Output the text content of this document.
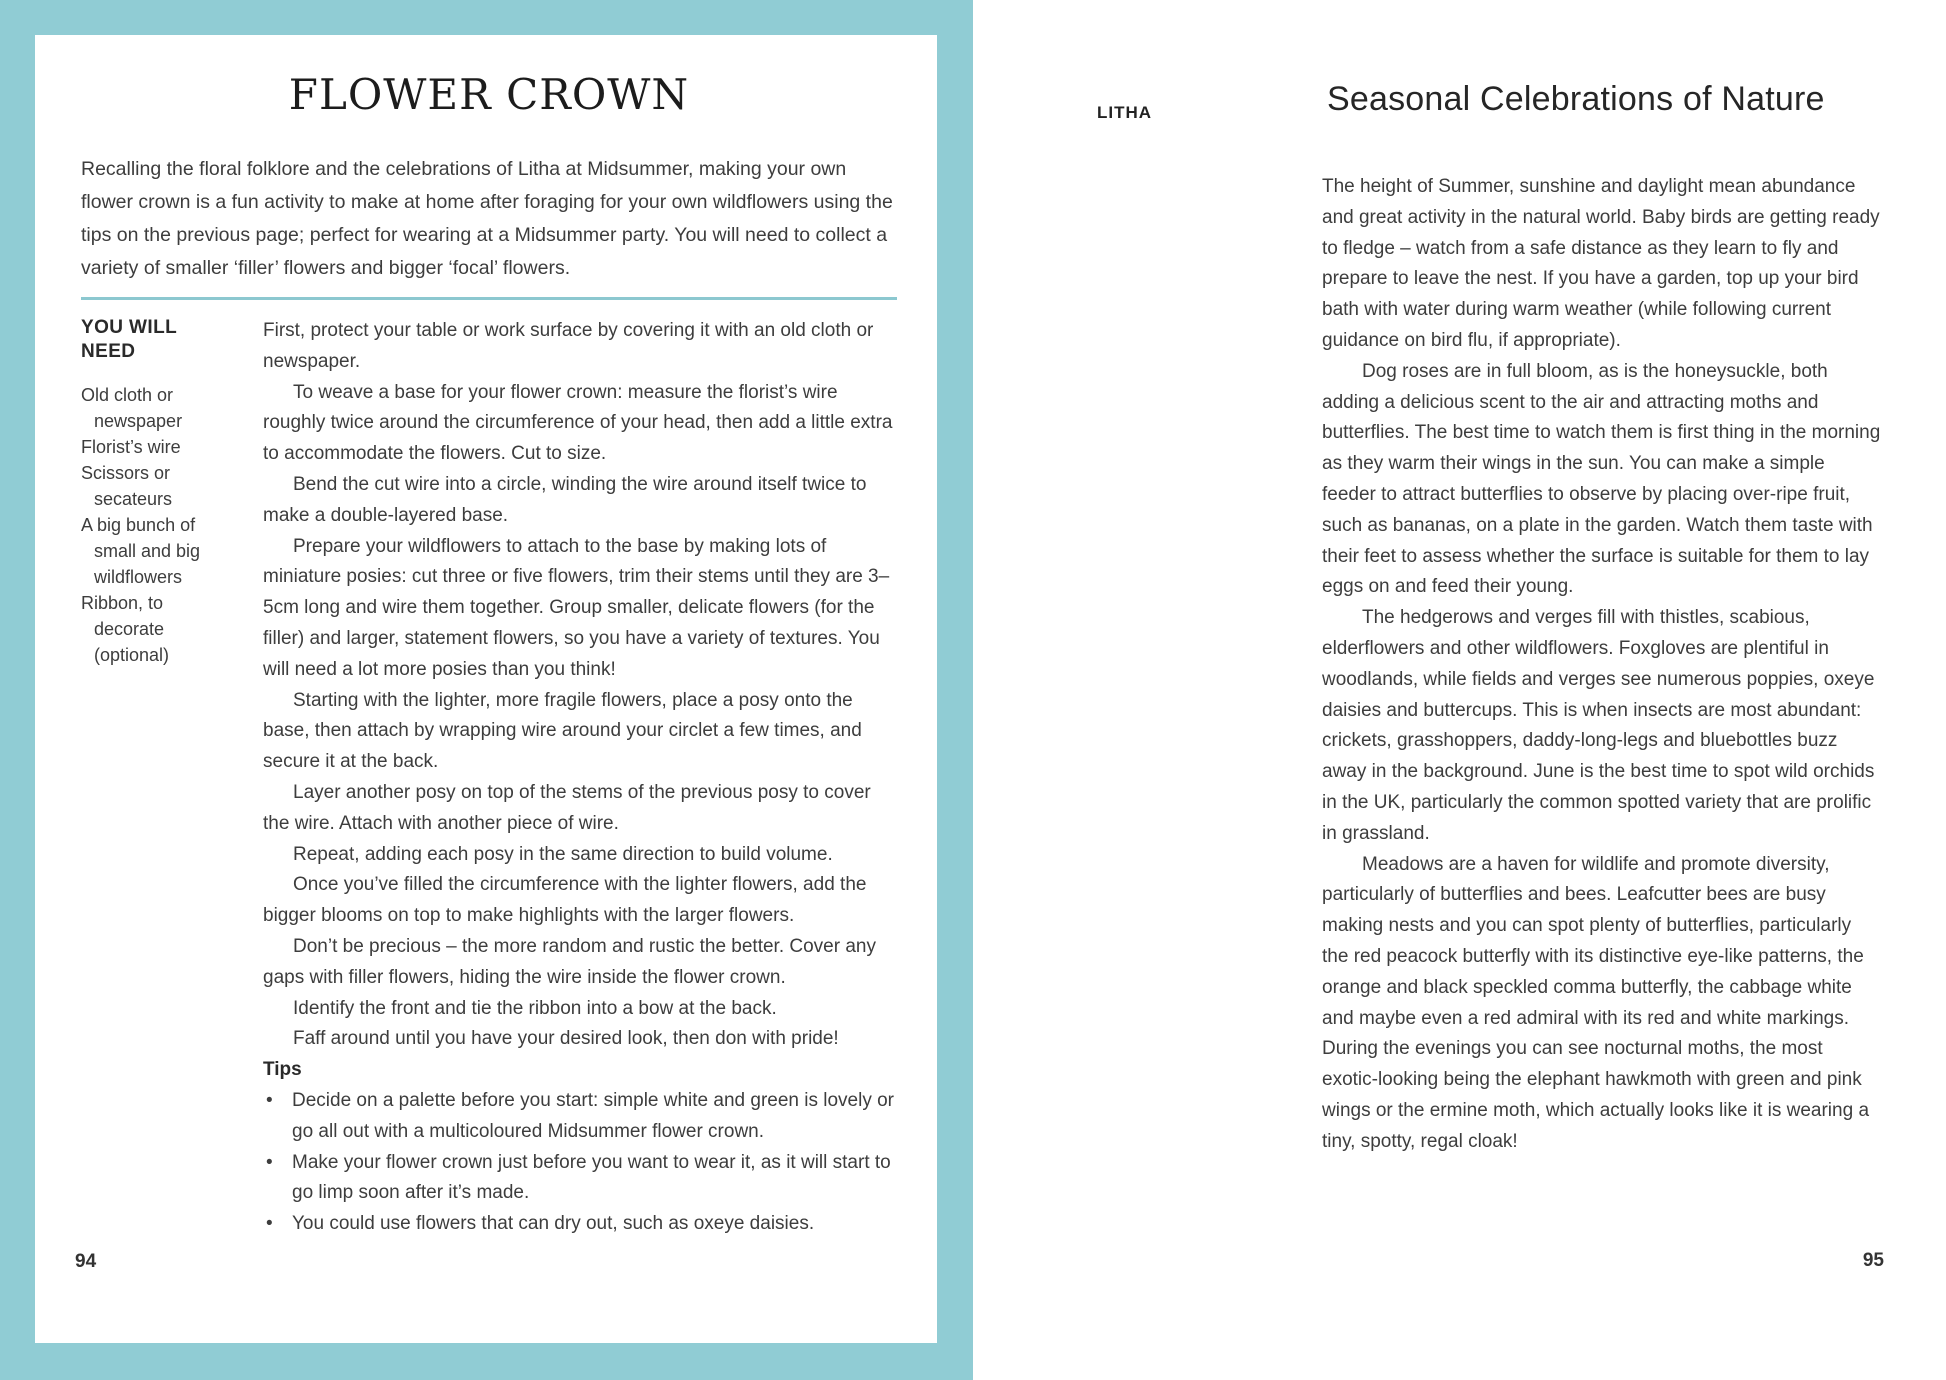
FLOWER CROWN

Recalling the floral folklore and the celebrations of Litha at Midsummer, making your own flower crown is a fun activity to make at home after foraging for your own wildflowers using the tips on the previous page; perfect for wearing at a Midsummer party. You will need to collect a variety of smaller ‘filler’ flowers and bigger ‘focal’ flowers.

YOU WILL NEED

Old cloth or newspaper
Florist’s wire
Scissors or secateurs
A big bunch of small and big wildflowers
Ribbon, to decorate (optional)

First, protect your table or work surface by covering it with an old cloth or newspaper.

To weave a base for your flower crown: measure the florist’s wire roughly twice around the circumference of your head, then add a little extra to accommodate the flowers. Cut to size.

Bend the cut wire into a circle, winding the wire around itself twice to make a double-layered base.

Prepare your wildflowers to attach to the base by making lots of miniature posies: cut three or five flowers, trim their stems until they are 3–5cm long and wire them together. Group smaller, delicate flowers (for the filler) and larger, statement flowers, so you have a variety of textures. You will need a lot more posies than you think!

Starting with the lighter, more fragile flowers, place a posy onto the base, then attach by wrapping wire around your circlet a few times, and secure it at the back.

Layer another posy on top of the stems of the previous posy to cover the wire. Attach with another piece of wire.

Repeat, adding each posy in the same direction to build volume.

Once you’ve filled the circumference with the lighter flowers, add the bigger blooms on top to make highlights with the larger flowers.

Don’t be precious – the more random and rustic the better. Cover any gaps with filler flowers, hiding the wire inside the flower crown.

Identify the front and tie the ribbon into a bow at the back.

Faff around until you have your desired look, then don with pride!

Tips

• Decide on a palette before you start: simple white and green is lovely or go all out with a multicoloured Midsummer flower crown.
• Make your flower crown just before you want to wear it, as it will start to go limp soon after it’s made.
• You could use flowers that can dry out, such as oxeye daisies.
94
LITHA	Seasonal Celebrations of Nature

The height of Summer, sunshine and daylight mean abundance and great activity in the natural world. Baby birds are getting ready to fledge – watch from a safe distance as they learn to fly and prepare to leave the nest. If you have a garden, top up your bird bath with water during warm weather (while following current guidance on bird flu, if appropriate).

Dog roses are in full bloom, as is the honeysuckle, both adding a delicious scent to the air and attracting moths and butterflies. The best time to watch them is first thing in the morning as they warm their wings in the sun. You can make a simple feeder to attract butterflies to observe by placing over-ripe fruit, such as bananas, on a plate in the garden. Watch them taste with their feet to assess whether the surface is suitable for them to lay eggs on and feed their young.

The hedgerows and verges fill with thistles, scabious, elderflowers and other wildflowers. Foxgloves are plentiful in woodlands, while fields and verges see numerous poppies, oxeye daisies and buttercups. This is when insects are most abundant: crickets, grasshoppers, daddy-long-legs and bluebottles buzz away in the background. June is the best time to spot wild orchids in the UK, particularly the common spotted variety that are prolific in grassland.

Meadows are a haven for wildlife and promote diversity, particularly of butterflies and bees. Leafcutter bees are busy making nests and you can spot plenty of butterflies, particularly the red peacock butterfly with its distinctive eye-like patterns, the orange and black speckled comma butterfly, the cabbage white and maybe even a red admiral with its red and white markings. During the evenings you can see nocturnal moths, the most exotic-looking being the elephant hawkmoth with green and pink wings or the ermine moth, which actually looks like it is wearing a tiny, spotty, regal cloak!

95
